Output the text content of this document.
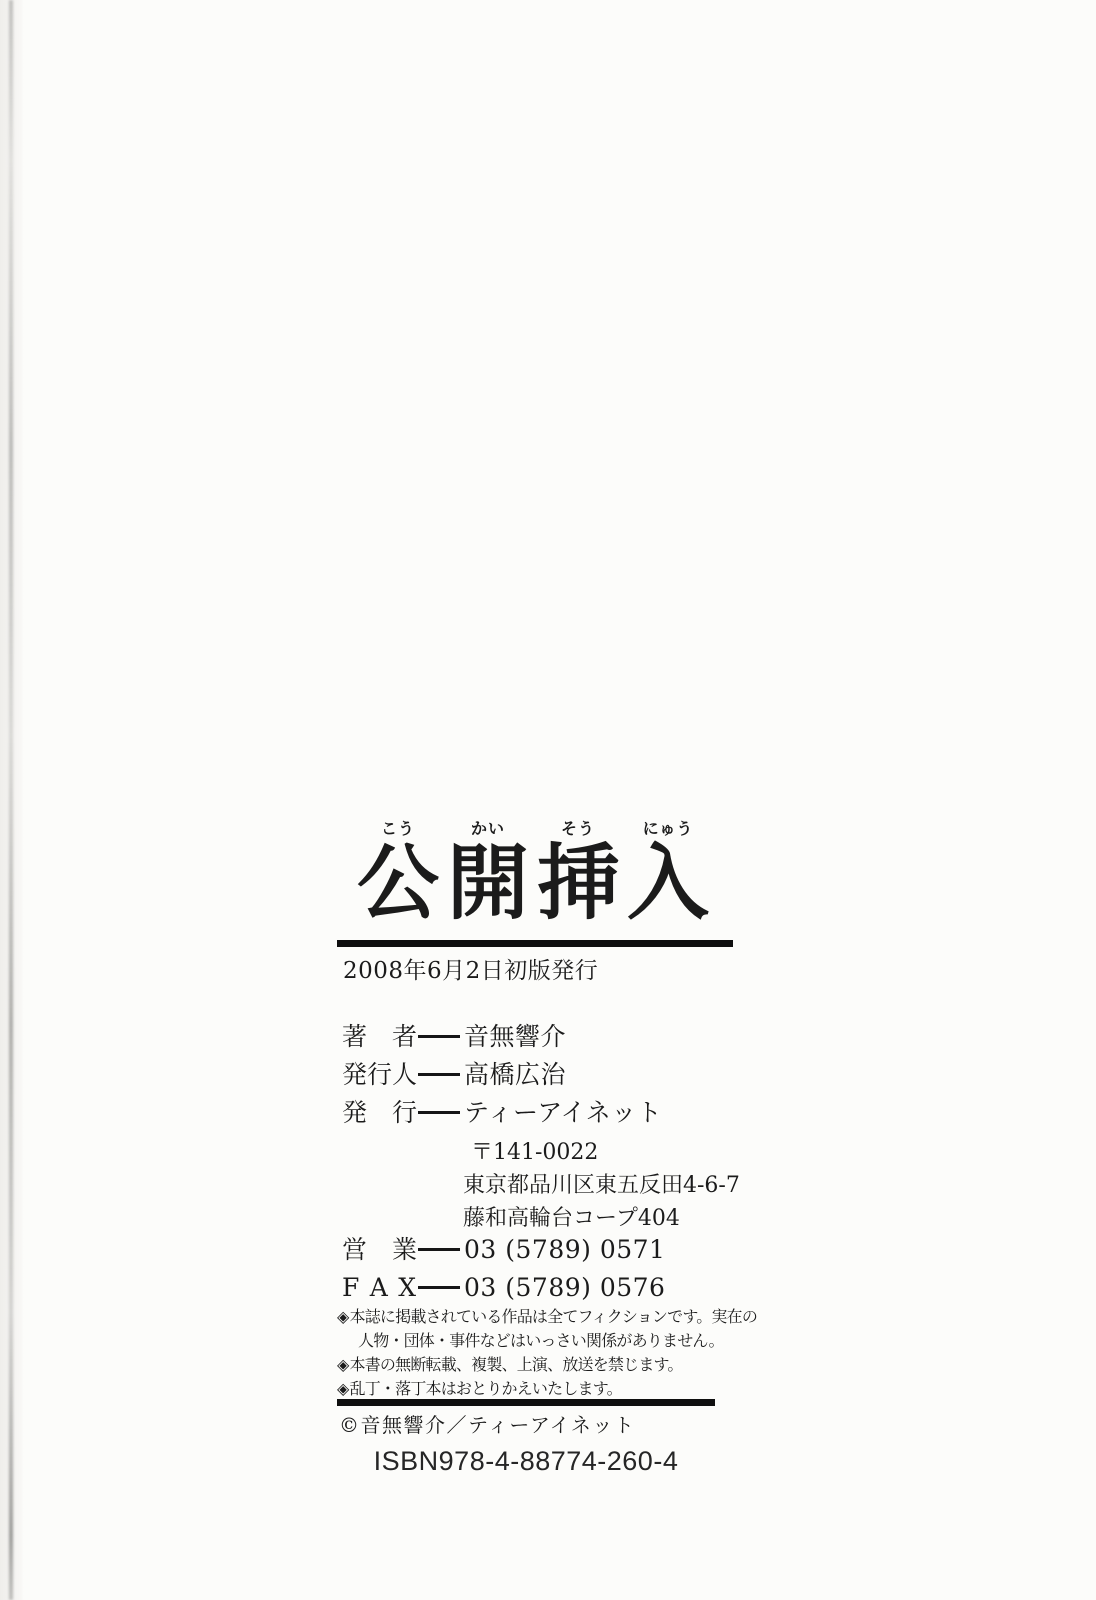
こう
公
かい
開
そう
挿
にゅう
入
2008年6月2日初版発行
著　者 音無響介
発行人 高橋広治
発　行 ティーアイネット
〒141-0022
東京都品川区東五反田4-6-7
藤和高輪台コープ404
営　業 03 (5789) 0571
F A X 03 (5789) 0576
◈本誌に掲載されている作品は全てフィクションです。実在の
人物・団体・事件などはいっさい関係がありません。
◈本書の無断転載、複製、上演、放送を禁じます。
◈乱丁・落丁本はおとりかえいたします。
©音無響介／ティーアイネット
ISBN978-4-88774-260-4
